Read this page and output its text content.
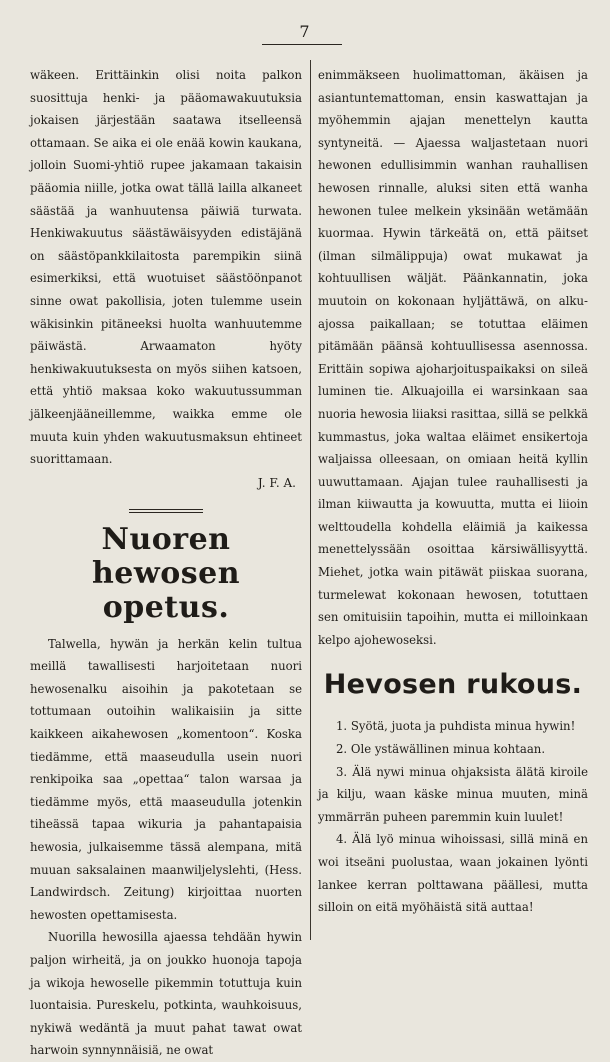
7

wäkeen. Erittäinkin olisi noita palkon suosittuja henki- ja pääomawakuutuksia jokaisen järjestään saatawa itselleensä ottamaan. Se aika ei ole enää kowin kaukana, jolloin Suomi-yhtiö rupee jakamaan takaisin pääomia niille, jotka owat tällä lailla alkaneet säästää ja wanhuutensa päiwiä turwata. Henkiwakuutus säästäwäisyyden edistäjänä on säästöpankkilaitosta parempikin siinä esimerkiksi, että wuotuiset säästöönpanot sinne owat pakollisia, joten tulemme usein wäkisinkin pitäneeksi huolta wanhuutemme päiwästä. Arwaamaton hyöty henkiwakuutuksesta on myös siihen katsoen, että yhtiö maksaa koko wakuutussumman jälkeenjääneillemme, waikka emme ole muuta kuin yhden wakuutusmaksun ehtineet suorittamaan.

J. F. A.

Nuoren hewosen opetus.

Talwella, hywän ja herkän kelin tultua meillä tawallisesti harjoitetaan nuori hewosenalku aisoihin ja pakotetaan se tottumaan outoihin walikaisiin ja sitte kaikkeen aikahewosen „komentoon“. Koska tiedämme, että maaseudulla usein nuori renkipoika saa „opettaa“ talon warsaa ja tiedämme myös, että maaseudulla jotenkin tiheässä tapaa wikuria ja pahantapaisia hewosia, julkaisemme tässä alempana, mitä muuan saksalainen maanwiljelyslehti, (Hess. Landwirdsch. Zeitung) kirjoittaa nuorten hewosten opettamisesta.

Nuorilla hewosilla ajaessa tehdään hywin paljon wirheitä, ja on joukko huonoja tapoja ja wikoja hewoselle pikemmin totuttuja kuin luontaisia. Pureskelu, potkinta, wauhkoisuus, nykiwä wedäntä ja muut pahat tawat owat harwoin synnynnäisiä, ne owat

enimmäkseen huolimattoman, äkäisen ja asiantuntemattoman, ensin kaswattajan ja myöhemmin ajajan menettelyn kautta syntyneitä. — Ajaessa waljastetaan nuori hewonen edullisimmin wanhan rauhallisen hewosen rinnalle, aluksi siten että wanha hewonen tulee melkein yksinään wetämään kuormaa. Hywin tärkeätä on, että päitset (ilman silmälippuja) owat mukawat ja kohtuullisen wäljät. Päänkannatin, joka muutoin on kokonaan hyljättäwä, on alku-ajossa paikallaan; se totuttaa eläimen pitämään päänsä kohtuullisessa asennossa. Erittäin sopiwa ajoharjoituspaikaksi on sileä luminen tie. Alkuajoilla ei warsinkaan saa nuoria hewosia liiaksi rasittaa, sillä se pelkkä kummastus, joka waltaa eläimet ensikertoja waljaissa olleesaan, on omiaan heitä kyllin uuwuttamaan. Ajajan tulee rauhallisesti ja ilman kiiwautta ja kowuutta, mutta ei liioin welttoudella kohdella eläimiä ja kaikessa menettelyssään osoittaa kärsiwällisyyttä. Miehet, jotka wain pitäwät piiskaa suorana, turmelewat kokonaan hewosen, totuttaen sen omituisiin tapoihin, mutta ei milloinkaan kelpo ajohewoseksi.

Hevosen rukous.

1. Syötä, juota ja puhdista minua hywin!

2. Ole ystäwällinen minua kohtaan.

3. Älä nywi minua ohjaksista älätä kiroile ja kilju, waan käske minua muuten, minä ymmärrän puheen paremmin kuin luulet!

4. Älä lyö minua wihoissasi, sillä minä en woi itseäni puolustaa, waan jokainen lyönti lankee kerran polttawana päällesi, mutta silloin on eitä myöhäistä sitä auttaa!
